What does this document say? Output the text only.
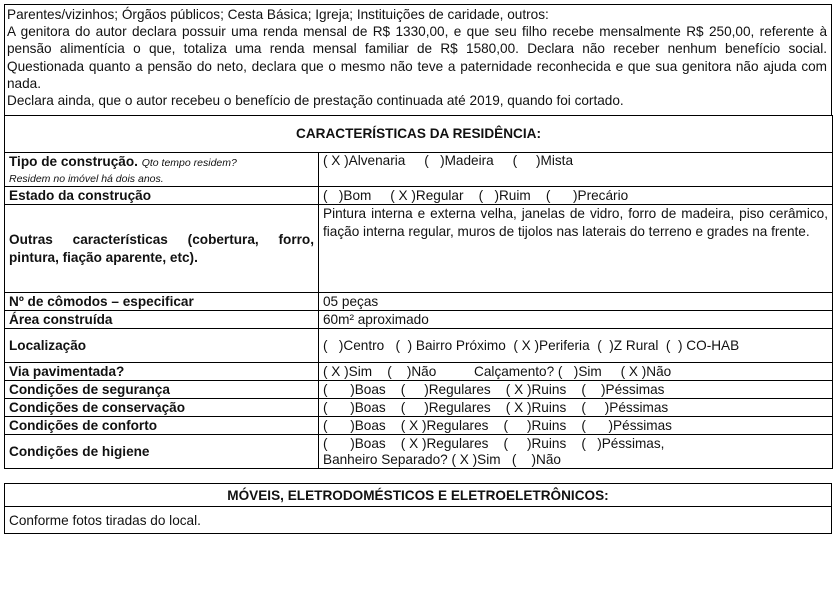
Parentes/vizinhos; Órgãos públicos; Cesta Básica; Igreja; Instituições de caridade, outros:

A genitora do autor declara possuir uma renda mensal de R$ 1330,00, e que seu filho recebe mensalmente R$ 250,00, referente à pensão alimentícia o que, totaliza uma renda mensal familiar de R$ 1580,00. Declara não receber nenhum benefício social. Questionada quanto a pensão do neto, declara que o mesmo não teve a paternidade reconhecida e que sua genitora não ajuda com nada.

Declara ainda, que o autor recebeu o benefício de prestação continuada até 2019, quando foi cortado.

CARACTERÍSTICAS DA RESIDÊNCIA:	
Tipo de construção. Qto tempo residem?
Residem no imóvel há dois anos.	( X )Alvenaria     (   )Madeira     (     )Mista
Estado da construção	(   )Bom     ( X )Regular    (   )Ruim    (      )Precário
Outras características (cobertura, forro, pintura, fiação aparente, etc).	Pintura interna e externa velha, janelas de vidro, forro de madeira, piso cerâmico, fiação interna regular, muros de tijolos nas laterais do terreno e grades na frente.
Nº de cômodos – especificar	05 peças
Área construída	60m² aproximado
Localização	(   )Centro   (  ) Bairro Próximo  ( X )Periferia  (  )Z Rural  (  ) CO-HAB
Via pavimentada?	( X )Sim    (    )Não          Calçamento? (   )Sim     ( X )Não
Condições de segurança	(      )Boas    (     )Regulares    ( X )Ruins    (    )Péssimas
Condições de conservação	(      )Boas    (     )Regulares    ( X )Ruins    (     )Péssimas
Condições de conforto	(      )Boas    ( X )Regulares    (     )Ruins    (      )Péssimas
Condições de higiene	(      )Boas    ( X )Regulares    (     )Ruins    (   )Péssimas,
Banheiro Separado? ( X )Sim   (    )Não
MÓVEIS, ELETRODOMÉSTICOS E ELETROELETRÔNICOS:
Conforme fotos tiradas do local.
